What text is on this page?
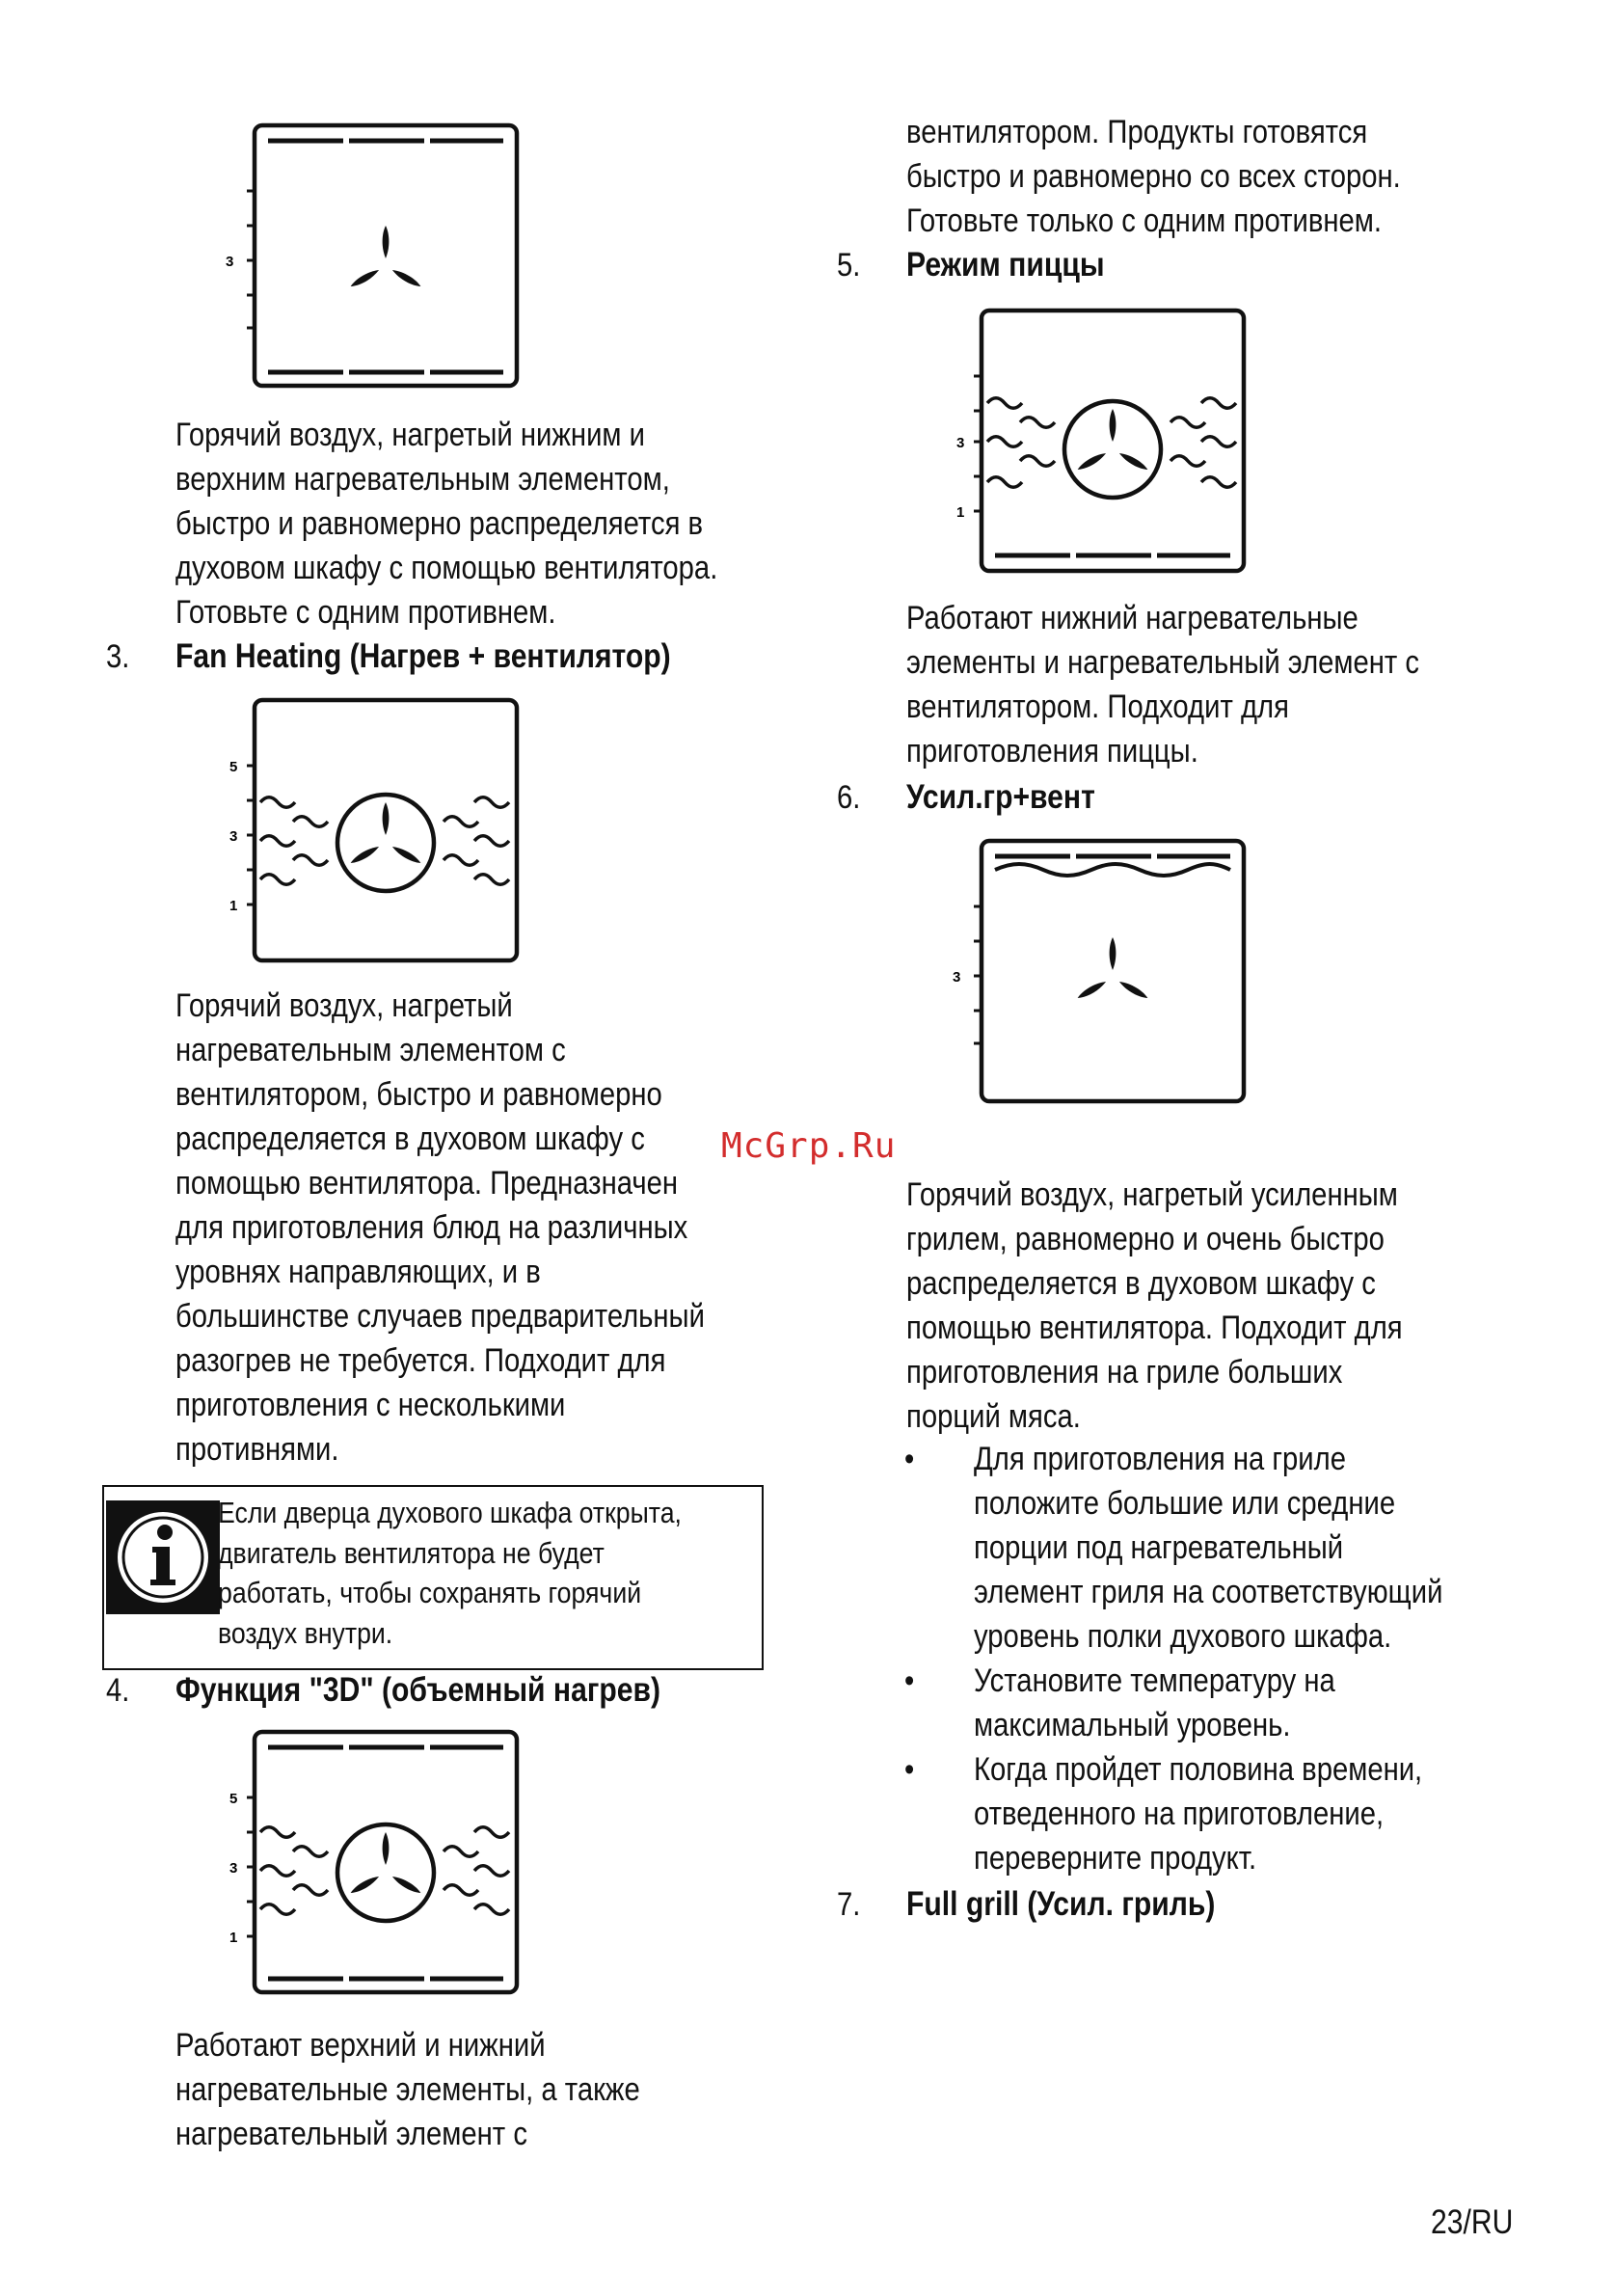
3
Горячий воздух, нагретый нижним и
верхним нагревательным элементом,
быстро и равномерно распределяется в
духовом шкафу с помощью вентилятора.
Готовьте с одним противнем.
3. Fan Heating (Нагрев + вентилятор)
5
3
1
Горячий воздух, нагретый
нагревательным элементом с
вентилятором, быстро и равномерно
распределяется в духовом шкафу с
помощью вентилятора. Предназначен
для приготовления блюд на различных
уровнях направляющих, и в
большинстве случаев предварительный
разогрев не требуется. Подходит для
приготовления с несколькими
противнями.
Если дверца духового шкафа открыта,
двигатель вентилятора не будет
работать, чтобы сохранять горячий
воздух внутри.
4. Функция "3D" (объемный нагрев)
5
3
1
Работают верхний и нижний
нагревательные элементы, а также
нагревательный элемент с
вентилятором. Продукты готовятся
быстро и равномерно со всех сторон.
Готовьте только с одним противнем.
5. Режим пиццы
3
1
Работают нижний нагревательные
элементы и нагревательный элемент с
вентилятором. Подходит для
приготовления пиццы.
6. Усил.гр+вент
3
McGrp.Ru
Горячий воздух, нагретый усиленным
грилем, равномерно и очень быстро
распределяется в духовом шкафу с
помощью вентилятора. Подходит для
приготовления на гриле больших
порций мяса.
• Для приготовления на гриле
положите большие или средние
порции под нагревательный
элемент гриля на соответствующий
уровень полки духового шкафа.
• Установите температуру на
максимальный уровень.
• Когда пройдет половина времени,
отведенного на приготовление,
переверните продукт.
7. Full grill (Усил. гриль)
23/RU
